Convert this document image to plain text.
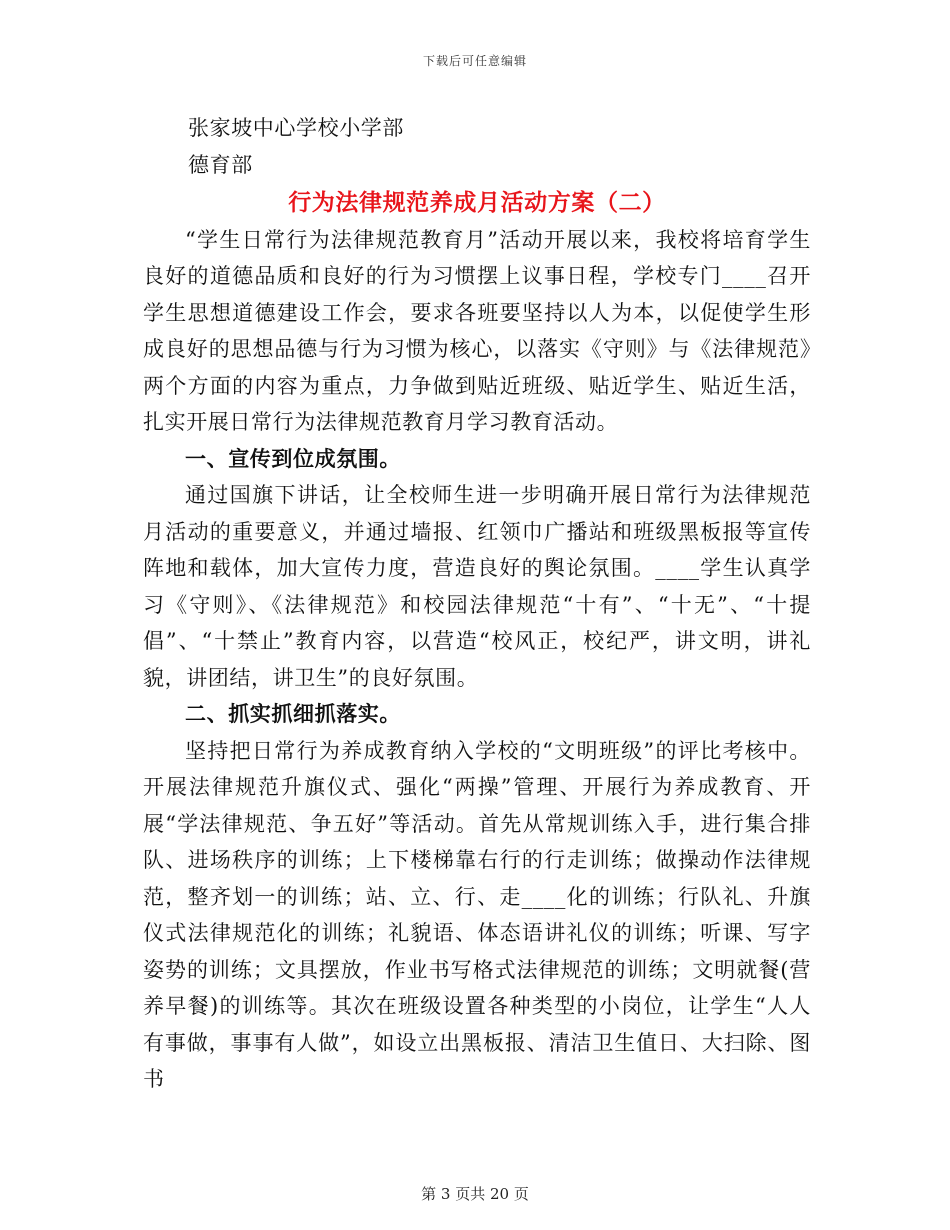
下载后可任意编辑

张家坡中心学校小学部

德育部

行为法律规范养成月活动方案（二）

“学生日常行为法律规范教育月”活动开展以来，我校将培育学生良好的道德品质和良好的行为习惯摆上议事日程，学校专门____召开学生思想道德建设工作会，要求各班要坚持以人为本，以促使学生形成良好的思想品德与行为习惯为核心，以落实《守则》与《法律规范》两个方面的内容为重点，力争做到贴近班级、贴近学生、贴近生活，扎实开展日常行为法律规范教育月学习教育活动。

一、宣传到位成氛围。

通过国旗下讲话，让全校师生进一步明确开展日常行为法律规范月活动的重要意义，并通过墙报、红领巾广播站和班级黑板报等宣传阵地和载体，加大宣传力度，营造良好的舆论氛围。____学生认真学习《守则》、《法律规范》和校园法律规范“十有”、“十无”、“十提倡”、“十禁止”教育内容，以营造“校风正，校纪严，讲文明，讲礼貌，讲团结，讲卫生”的良好氛围。

二、抓实抓细抓落实。

坚持把日常行为养成教育纳入学校的“文明班级”的评比考核中。开展法律规范升旗仪式、强化“两操”管理、开展行为养成教育、开展“学法律规范、争五好”等活动。首先从常规训练入手，进行集合排队、进场秩序的训练；上下楼梯靠右行的行走训练；做操动作法律规范，整齐划一的训练；站、立、行、走____化的训练；行队礼、升旗仪式法律规范化的训练；礼貌语、体态语讲礼仪的训练；听课、写字姿势的训练；文具摆放，作业书写格式法律规范的训练；文明就餐(营养早餐)的训练等。其次在班级设置各种类型的小岗位，让学生“人人有事做，事事有人做”，如设立出黑板报、清洁卫生值日、大扫除、图书

第 3 页共 20 页
